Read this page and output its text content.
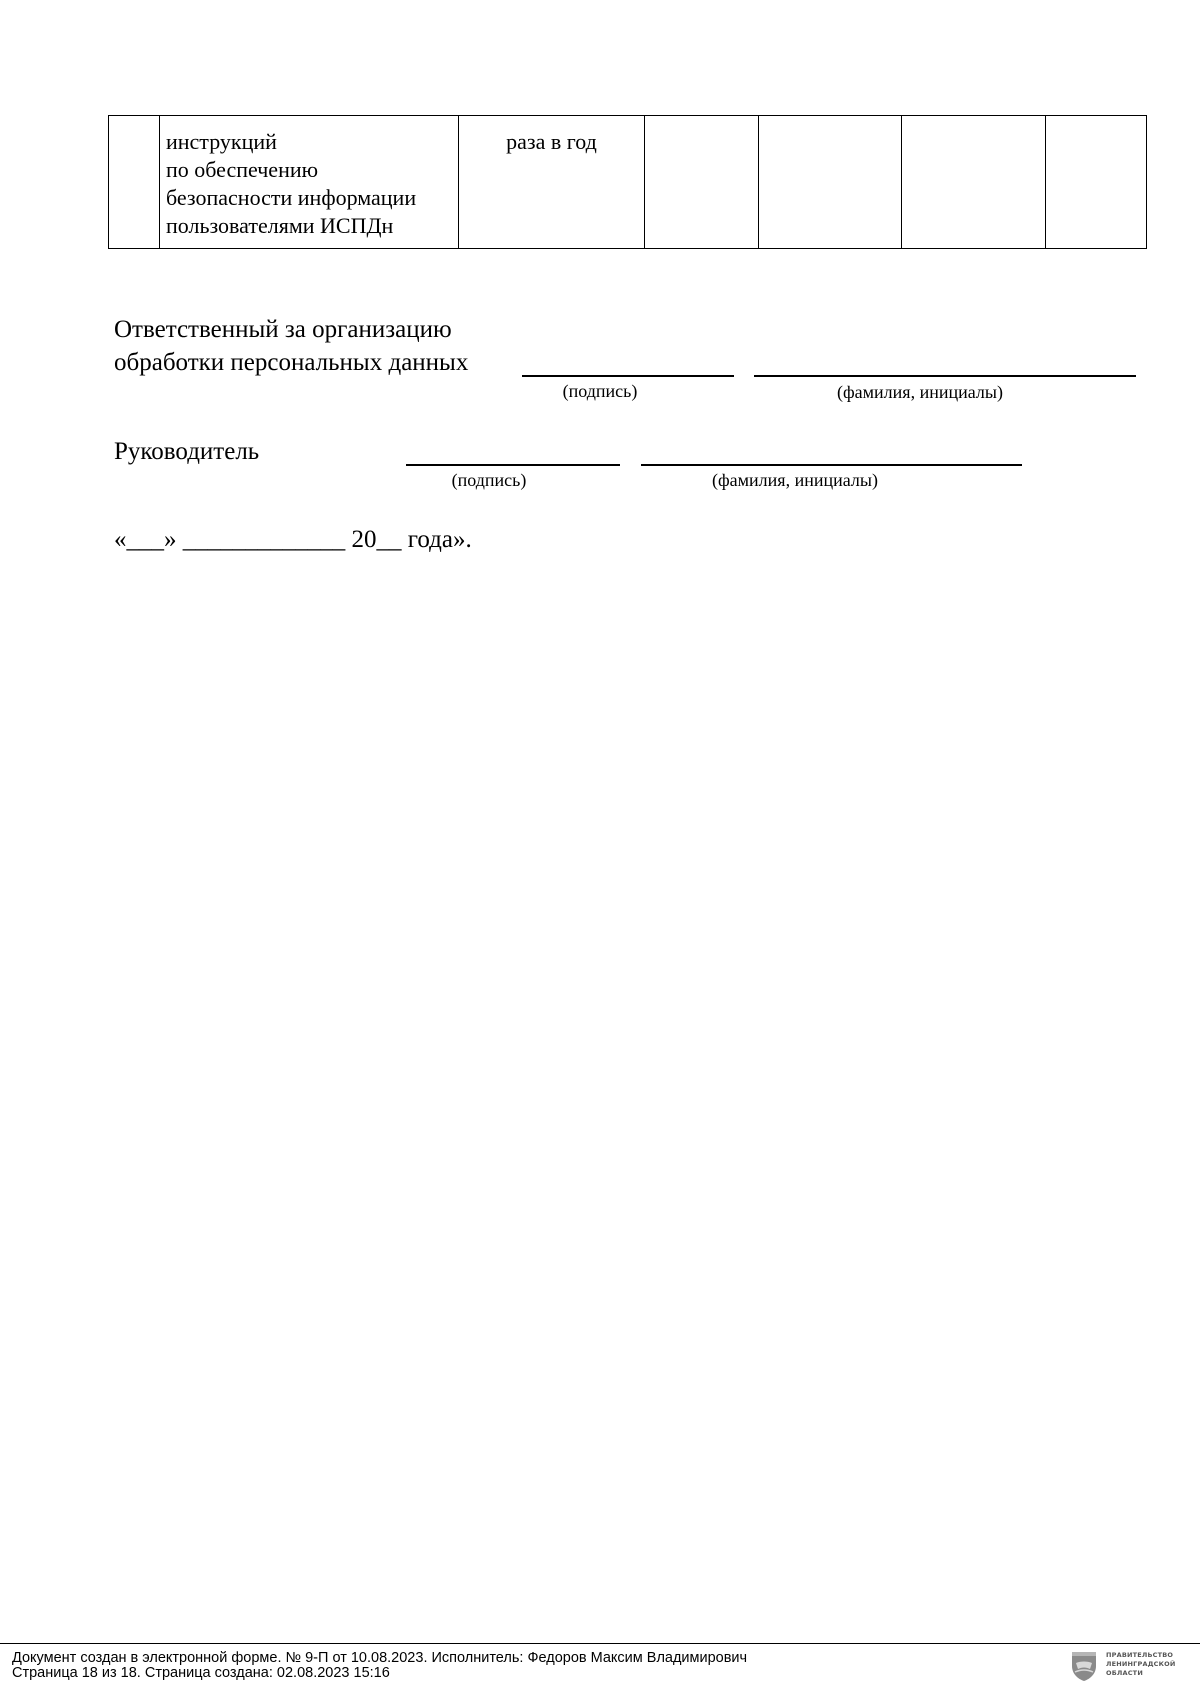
	инструкций
по обеспечению
безопасности информации
пользователями ИСПДн	раза в год				
Ответственный за организацию
обработки персональных данных
(подпись)	(фамилия, инициалы)
Руководитель
(подпись)	(фамилия, инициалы)
«___» _____________ 20__ года».
Документ создан в электронной форме. № 9-П от 10.08.2023. Исполнитель: Федоров Максим Владимирович
Страница 18 из 18. Страница создана: 02.08.2023 15:16
ПРАВИТЕЛЬСТВО
ЛЕНИНГРАДСКОЙ
ОБЛАСТИ
